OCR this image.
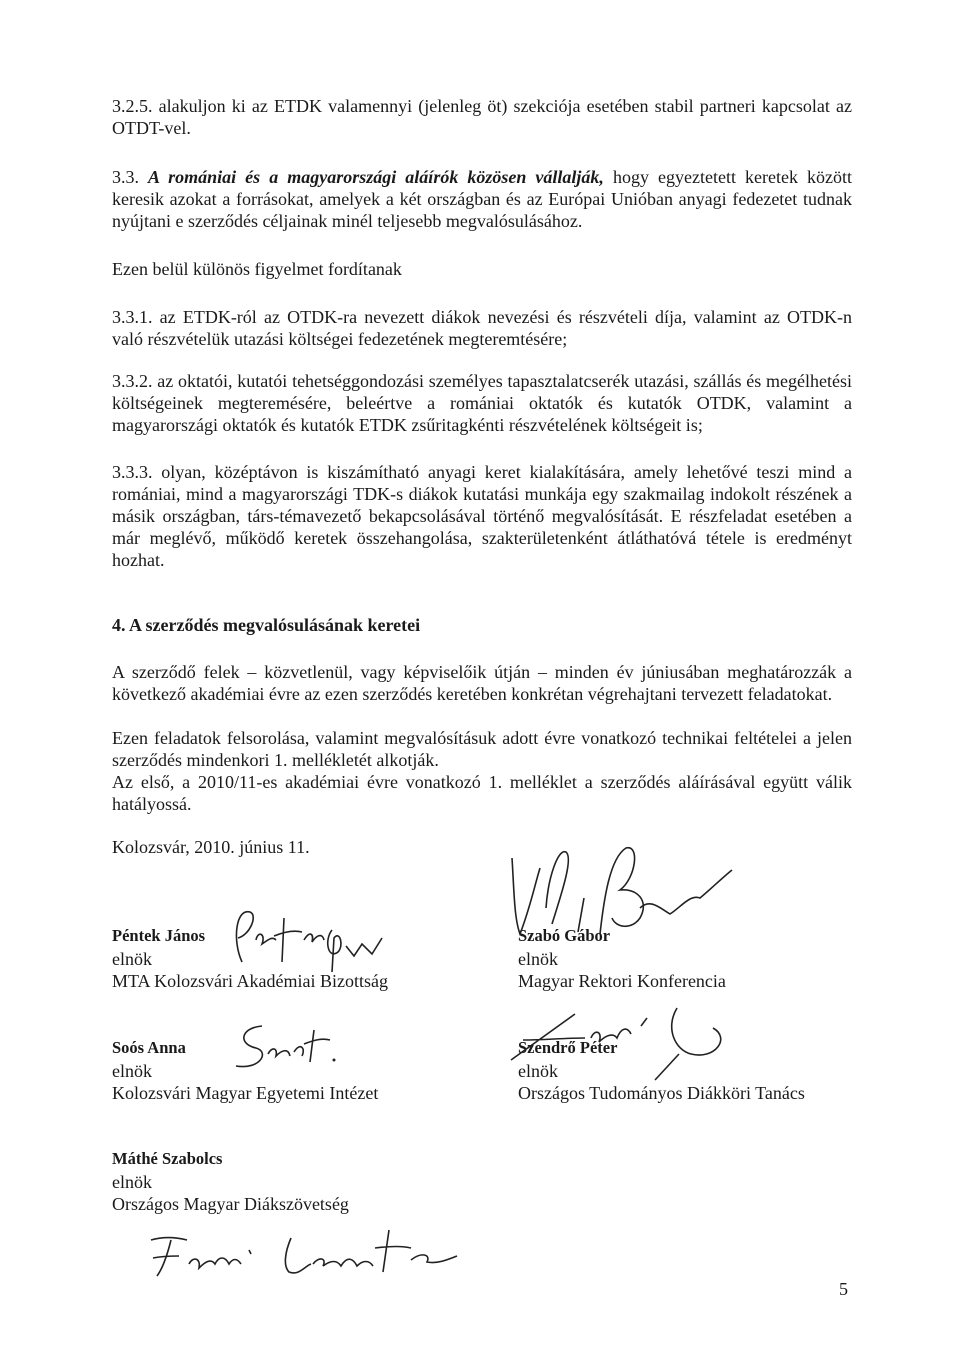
3.2.5. alakuljon ki az ETDK valamennyi (jelenleg öt) szekciója esetében stabil partneri kapcsolat az OTDT-vel.
3.3. A romániai és a magyarországi aláírók közösen vállalják, hogy egyeztetett keretek között keresik azokat a forrásokat, amelyek a két országban és az Európai Unióban anyagi fedezetet tudnak nyújtani e szerződés céljainak minél teljesebb megvalósulásához.
Ezen belül különös figyelmet fordítanak
3.3.1. az ETDK-ról az OTDK-ra nevezett diákok nevezési és részvételi díja, valamint az OTDK-n való részvételük utazási költségei fedezetének megteremtésére;
3.3.2. az oktatói, kutatói tehetséggondozási személyes tapasztalatcserék utazási, szállás és megélhetési költségeinek megteremésére, beleértve a romániai oktatók és kutatók OTDK, valamint a magyarországi oktatók és kutatók ETDK zsűritagkénti részvételének költségeit is;
3.3.3. olyan, középtávon is kiszámítható anyagi keret kialakítására, amely lehetővé teszi mind a romániai, mind a magyarországi TDK-s diákok kutatási munkája egy szakmailag indokolt részének a másik országban, társ-témavezető bekapcsolásával történő megvalósítását. E részfeladat esetében a már meglévő, működő keretek összehangolása, szakterületenként átláthatóvá tétele is eredményt hozhat.
4. A szerződés megvalósulásának keretei
A szerződő felek – közvetlenül, vagy képviselőik útján – minden év júniusában meghatározzák a következő akadémiai évre az ezen szerződés keretében konkrétan végrehajtani tervezett feladatokat.
Ezen feladatok felsorolása, valamint megvalósításuk adott évre vonatkozó technikai feltételei a jelen szerződés mindenkori 1. mellékletét alkotják.
Az első, a 2010/11-es akadémiai évre vonatkozó 1. melléklet a szerződés aláírásával együtt válik hatályossá.
Kolozsvár, 2010. június 11.
Péntek János
elnök
MTA Kolozsvári Akadémiai Bizottság
Szabó Gábor
elnök
Magyar Rektori Konferencia
Soós Anna
elnök
Kolozsvári Magyar Egyetemi Intézet
Szendrő Péter
elnök
Országos Tudományos Diákköri Tanács
Máthé Szabolcs
elnök
Országos Magyar Diákszövetség
5
